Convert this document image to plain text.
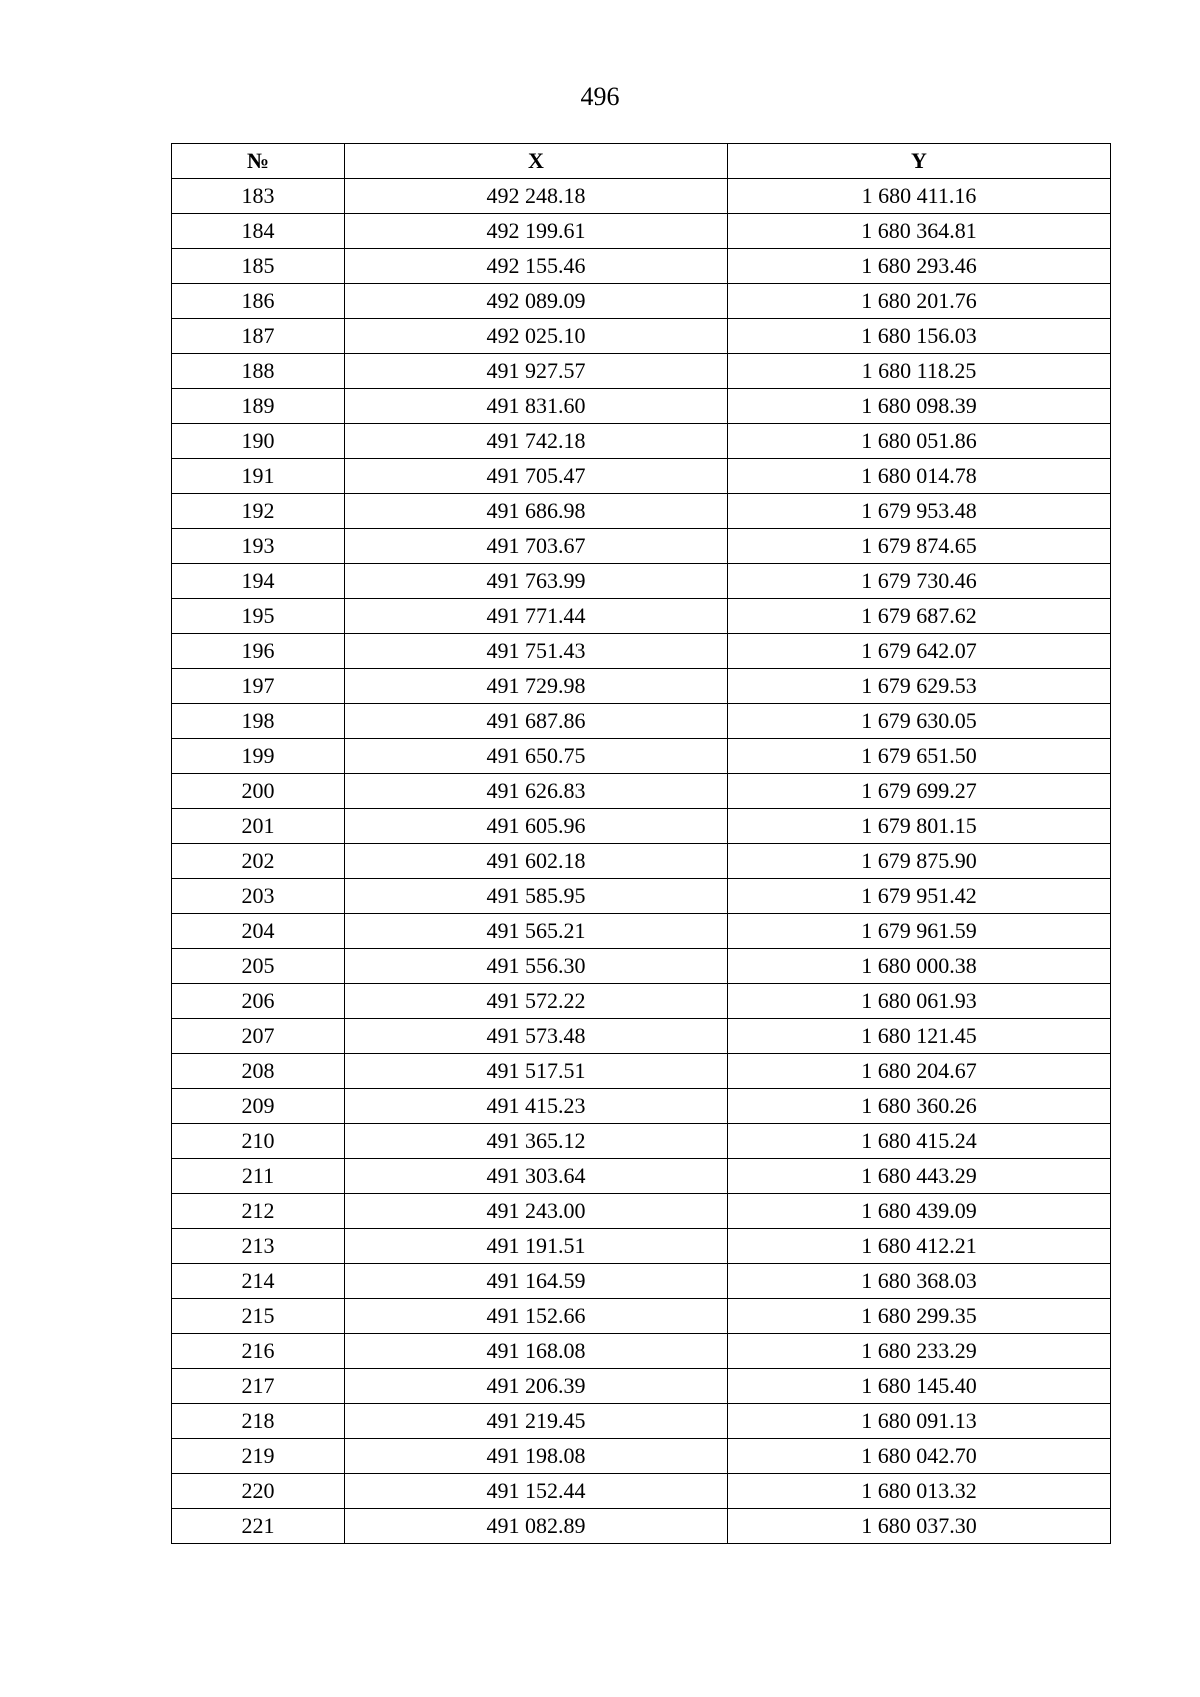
496
№	X	Y
183	492 248.18	1 680 411.16
184	492 199.61	1 680 364.81
185	492 155.46	1 680 293.46
186	492 089.09	1 680 201.76
187	492 025.10	1 680 156.03
188	491 927.57	1 680 118.25
189	491 831.60	1 680 098.39
190	491 742.18	1 680 051.86
191	491 705.47	1 680 014.78
192	491 686.98	1 679 953.48
193	491 703.67	1 679 874.65
194	491 763.99	1 679 730.46
195	491 771.44	1 679 687.62
196	491 751.43	1 679 642.07
197	491 729.98	1 679 629.53
198	491 687.86	1 679 630.05
199	491 650.75	1 679 651.50
200	491 626.83	1 679 699.27
201	491 605.96	1 679 801.15
202	491 602.18	1 679 875.90
203	491 585.95	1 679 951.42
204	491 565.21	1 679 961.59
205	491 556.30	1 680 000.38
206	491 572.22	1 680 061.93
207	491 573.48	1 680 121.45
208	491 517.51	1 680 204.67
209	491 415.23	1 680 360.26
210	491 365.12	1 680 415.24
211	491 303.64	1 680 443.29
212	491 243.00	1 680 439.09
213	491 191.51	1 680 412.21
214	491 164.59	1 680 368.03
215	491 152.66	1 680 299.35
216	491 168.08	1 680 233.29
217	491 206.39	1 680 145.40
218	491 219.45	1 680 091.13
219	491 198.08	1 680 042.70
220	491 152.44	1 680 013.32
221	491 082.89	1 680 037.30
